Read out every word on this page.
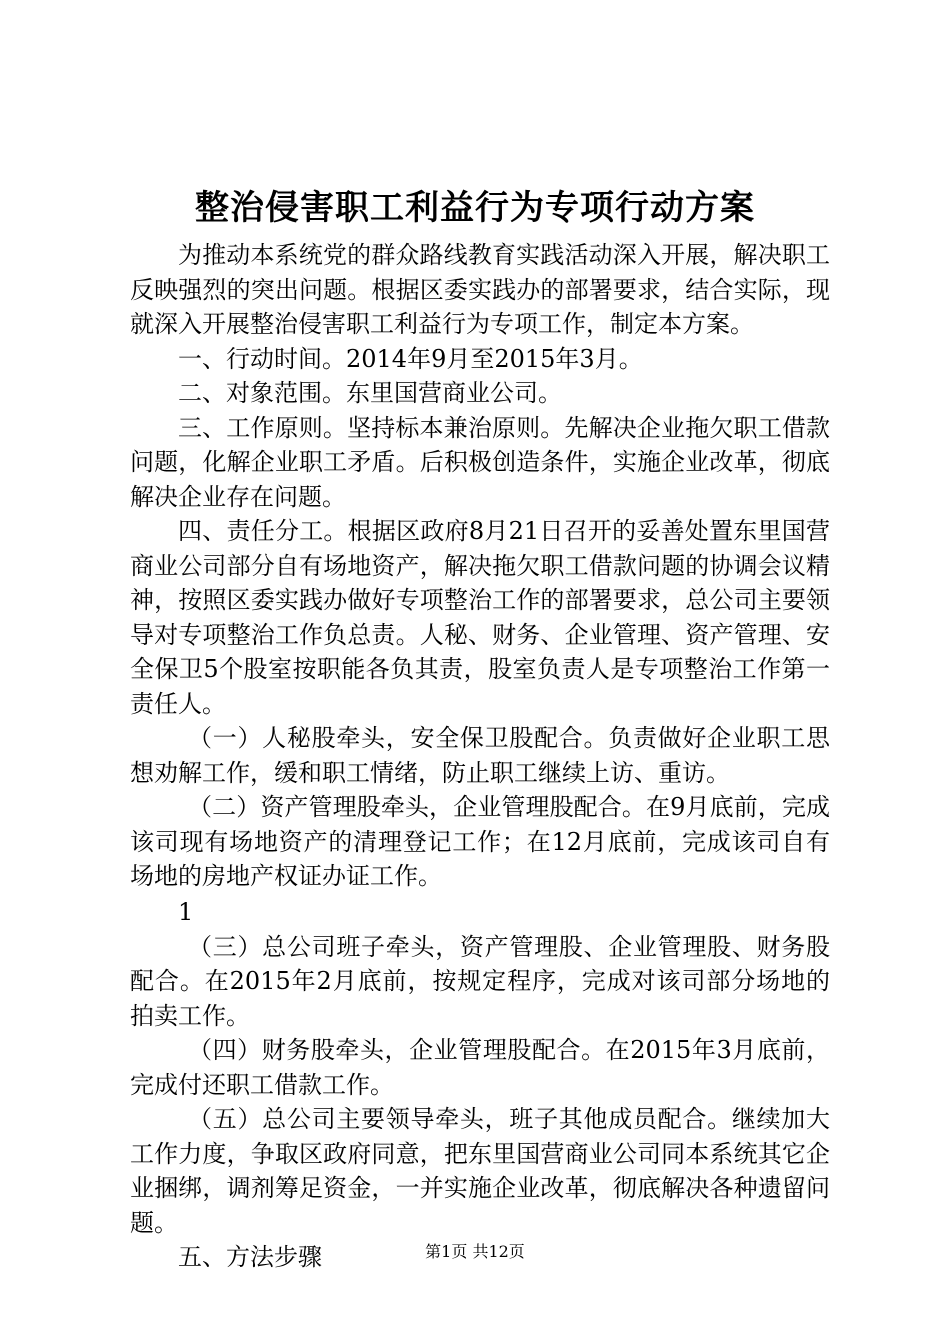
整治侵害职工利益行为专项行动方案

为推动本系统党的群众路线教育实践活动深入开展，解决职工反映强烈的突出问题。根据区委实践办的部署要求，结合实际，现就深入开展整治侵害职工利益行为专项工作，制定本方案。

一、行动时间。2014年9月至2015年3月。

二、对象范围。东里国营商业公司。

三、工作原则。坚持标本兼治原则。先解决企业拖欠职工借款问题，化解企业职工矛盾。后积极创造条件，实施企业改革，彻底解决企业存在问题。

四、责任分工。根据区政府8月21日召开的妥善处置东里国营商业公司部分自有场地资产，解决拖欠职工借款问题的协调会议精神，按照区委实践办做好专项整治工作的部署要求，总公司主要领导对专项整治工作负总责。人秘、财务、企业管理、资产管理、安全保卫5个股室按职能各负其责，股室负责人是专项整治工作第一责任人。

（一）人秘股牵头，安全保卫股配合。负责做好企业职工思想劝解工作，缓和职工情绪，防止职工继续上访、重访。

（二）资产管理股牵头，企业管理股配合。在9月底前，完成该司现有场地资产的清理登记工作；在12月底前，完成该司自有场地的房地产权证办证工作。

1

（三）总公司班子牵头，资产管理股、企业管理股、财务股配合。在2015年2月底前，按规定程序，完成对该司部分场地的拍卖工作。

（四）财务股牵头，企业管理股配合。在2015年3月底前，完成付还职工借款工作。

（五）总公司主要领导牵头，班子其他成员配合。继续加大工作力度，争取区政府同意，把东里国营商业公司同本系统其它企业捆绑，调剂筹足资金，一并实施企业改革，彻底解决各种遗留问题。

五、方法步骤	第1页 共12页
